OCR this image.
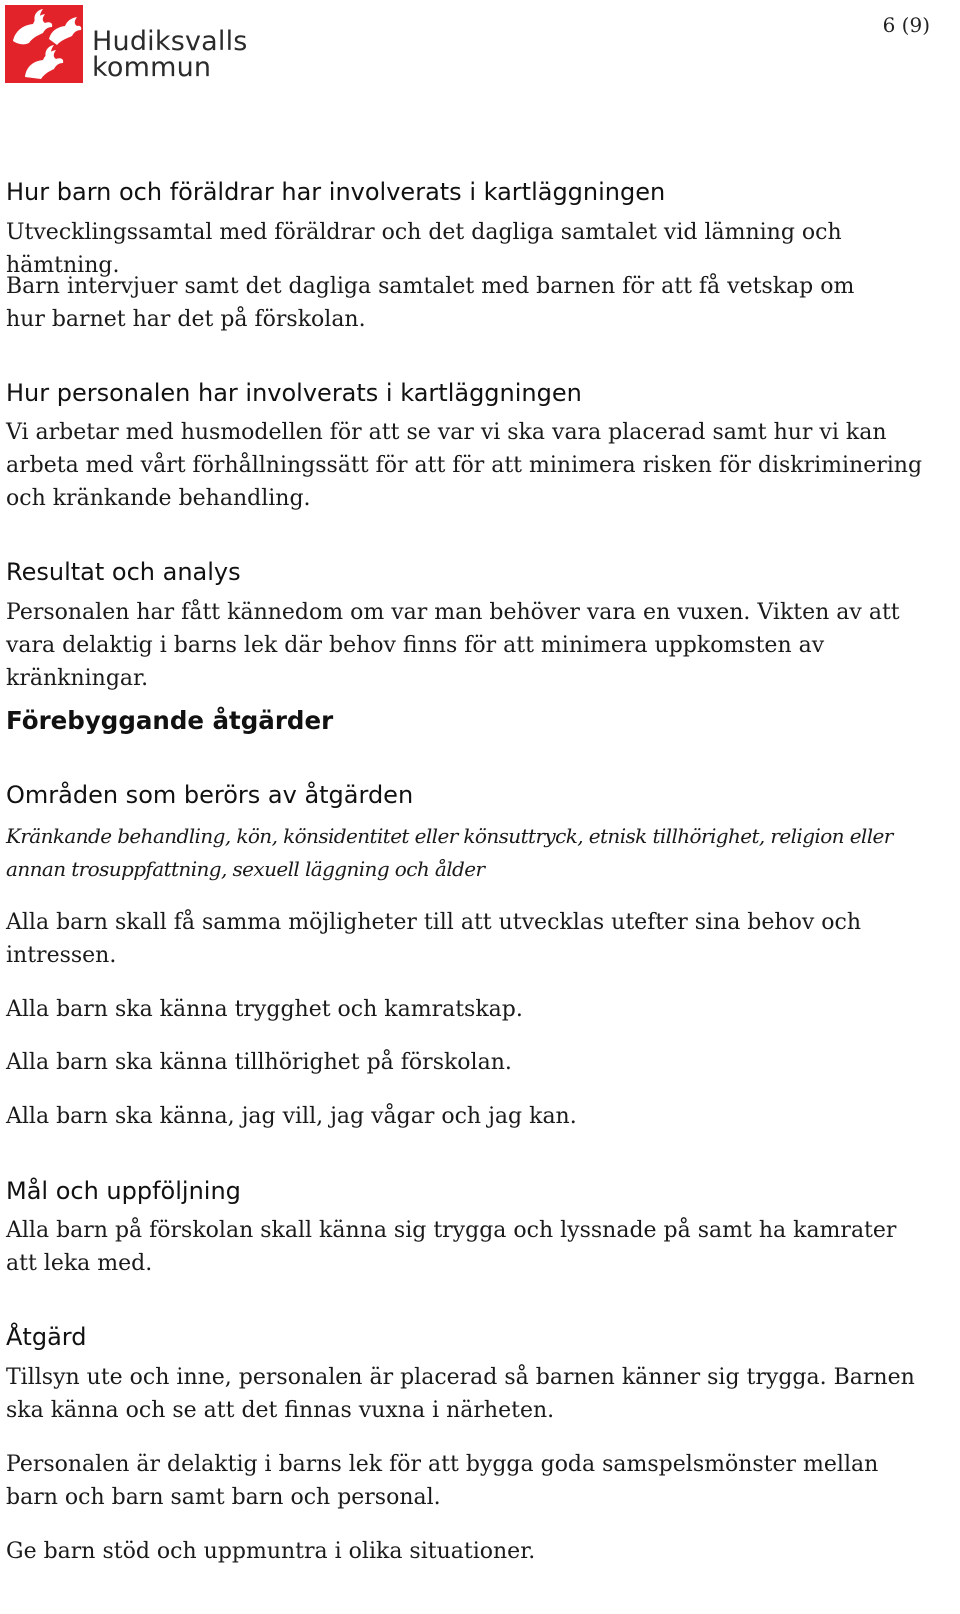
Hudiksvalls
kommun
6 (9)
Hur barn och föräldrar har involverats i kartläggningen

Utvecklingssamtal med föräldrar och det dagliga samtalet vid lämning och hämtning.

Barn intervjuer samt det dagliga samtalet med barnen för att få vetskap om hur barnet har det på förskolan.

Hur personalen har involverats i kartläggningen

Vi arbetar med husmodellen för att se var vi ska vara placerad samt hur vi kan arbeta med vårt förhållningssätt för att för att minimera risken för diskriminering och kränkande behandling.

Resultat och analys

Personalen har fått kännedom om var man behöver vara en vuxen. Vikten av att vara delaktig i barns lek där behov finns för att minimera uppkomsten av kränkningar.

Förebyggande åtgärder
Områden som berörs av åtgärden

Kränkande behandling, kön, könsidentitet eller könsuttryck, etnisk tillhörighet, religion eller annan trosuppfattning, sexuell läggning och ålder

Alla barn skall få samma möjligheter till att utvecklas utefter sina behov och intressen.

Alla barn ska känna trygghet och kamratskap.

Alla barn ska känna tillhörighet på förskolan.

Alla barn ska känna, jag vill, jag vågar och jag kan.

Mål och uppföljning

Alla barn på förskolan skall känna sig trygga och lyssnade på samt ha kamrater att leka med.

Åtgärd

Tillsyn ute och inne, personalen är placerad så barnen känner sig trygga. Barnen ska känna och se att det finnas vuxna i närheten.

Personalen är delaktig i barns lek för att bygga goda samspelsmönster mellan barn och barn samt barn och personal.

Ge barn stöd och uppmuntra i olika situationer.
